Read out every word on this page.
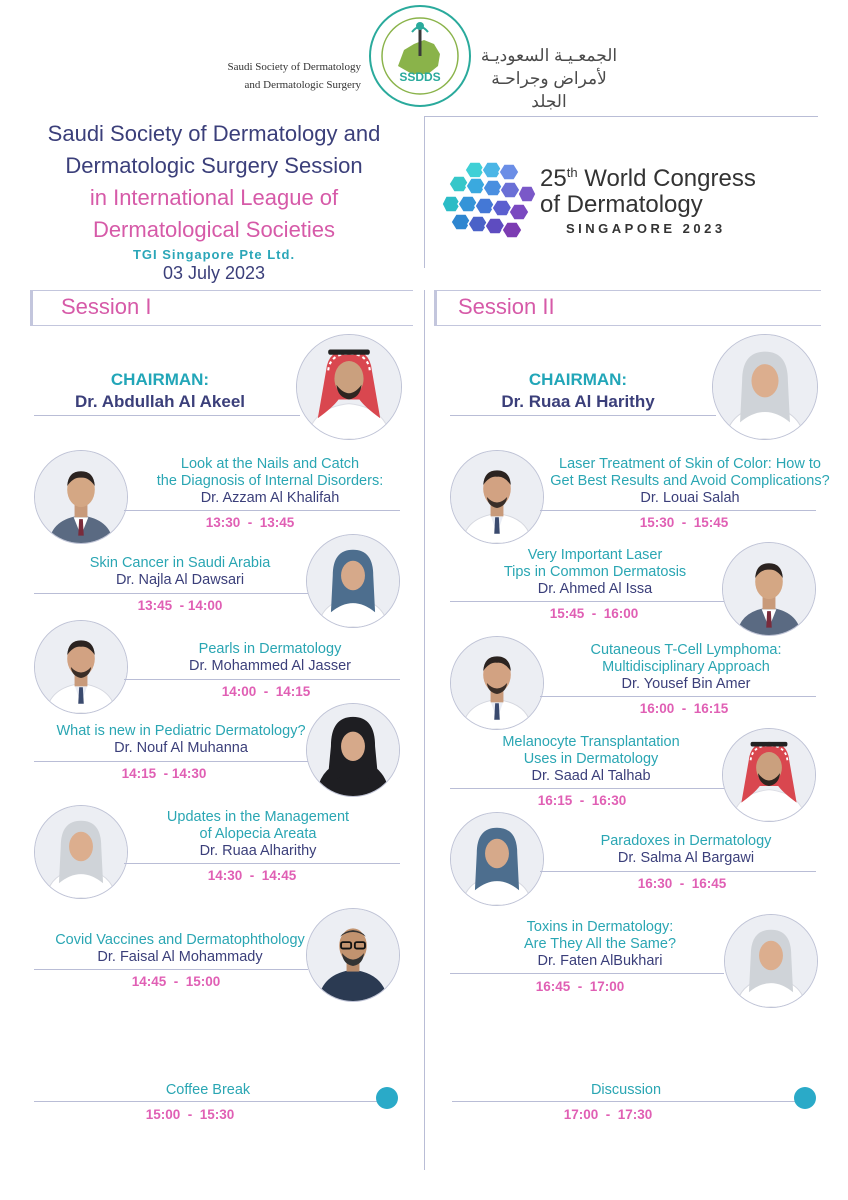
Saudi Society of Dermatology
and Dermatologic Surgery
SSDDS
الجمعـيـة السعوديـة
لأمراض وجراحـة الجلد
Saudi Society of Dermatology and
Dermatologic Surgery Session
in International League of
Dermatological Societies
TGI Singapore Pte Ltd.
03 July 2023
25th World Congress
of Dermatology
SINGAPORE 2023
Session I	Session II
CHAIRMAN:
Dr. Abdullah Al Akeel
Look at the Nails and Catch
the Diagnosis of Internal Disorders:
Dr. Azzam Al Khalifah
13:30  -  13:45
Skin Cancer in Saudi Arabia
Dr. Najla Al Dawsari
13:45  - 14:00
Pearls in Dermatology
Dr. Mohammed Al Jasser
14:00  -  14:15
What is new in Pediatric Dermatology?
Dr. Nouf Al Muhanna
14:15  - 14:30
Updates in the Management
of Alopecia Areata
Dr. Ruaa Alharithy
14:30  -  14:45
Covid Vaccines and Dermatophthology
Dr. Faisal Al Mohammady
14:45  -  15:00
Coffee Break
15:00  -  15:30
CHAIRMAN:
Dr. Ruaa Al Harithy
Laser Treatment of Skin of Color: How to
Get Best Results and Avoid Complications?
Dr. Louai Salah
15:30  -  15:45
Very Important Laser
Tips in Common Dermatosis
Dr. Ahmed Al Issa
15:45  -  16:00
Cutaneous T-Cell Lymphoma:
Multidisciplinary Approach
Dr. Yousef Bin Amer
16:00  -  16:15
Melanocyte Transplantation
Uses in Dermatology
Dr. Saad Al Talhab
16:15  -  16:30
Paradoxes in Dermatology
Dr. Salma Al Bargawi
16:30  -  16:45
Toxins in Dermatology:
Are They All the Same?
Dr. Faten AlBukhari
16:45  -  17:00
Discussion
17:00  -  17:30
